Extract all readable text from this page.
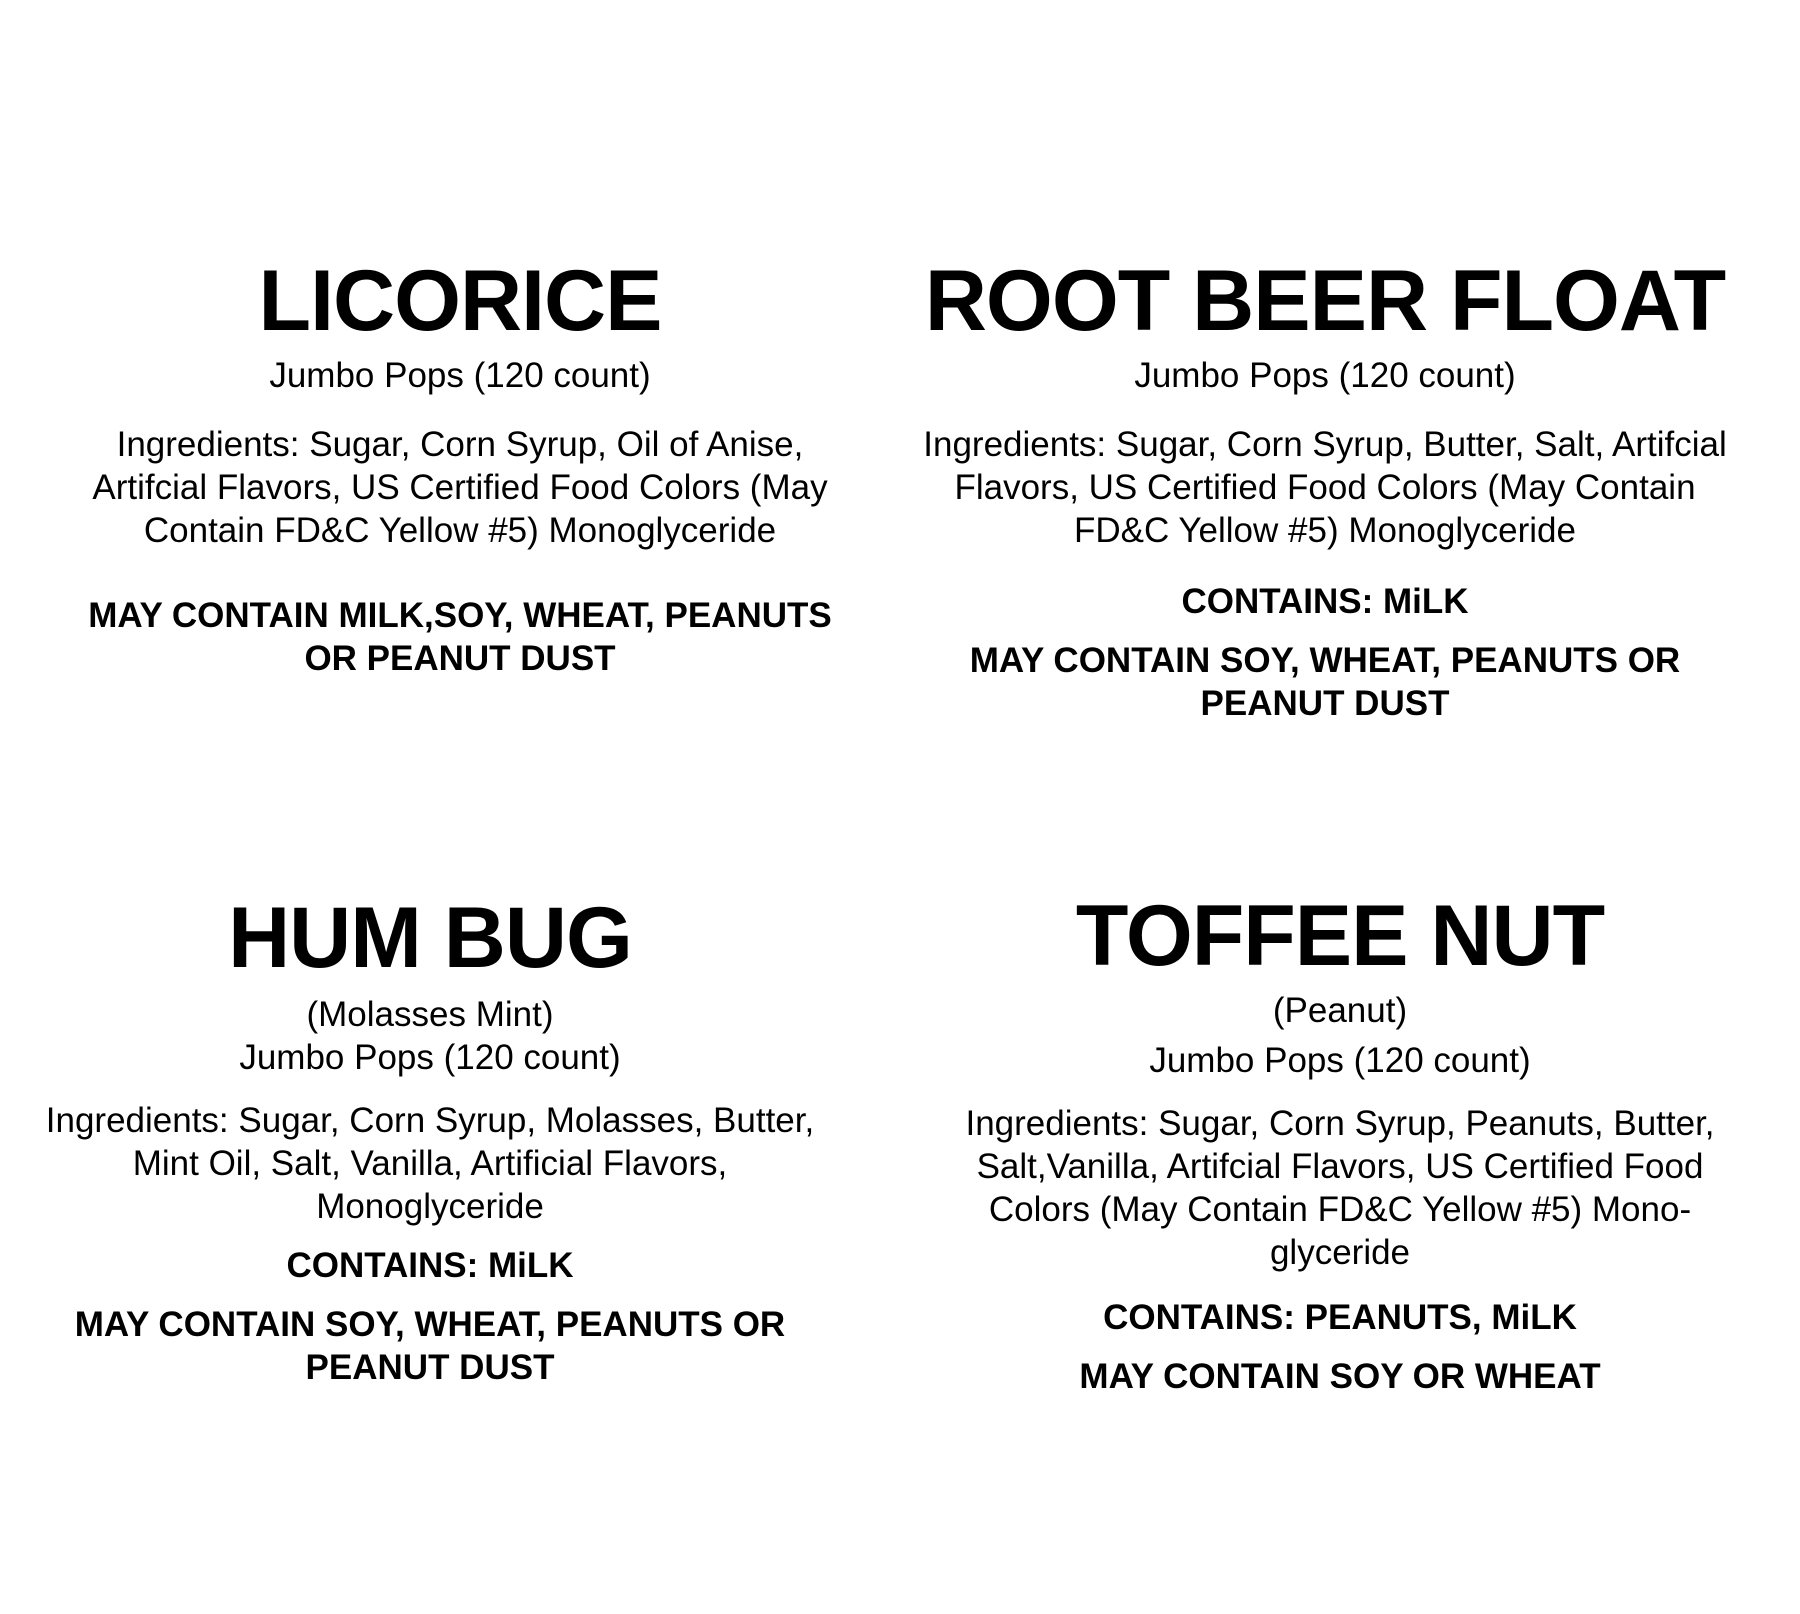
LICORICE

Jumbo Pops (120 count)

Ingredients: Sugar, Corn Syrup, Oil of Anise, Artifcial Flavors, US Certified Food Colors (May Contain FD&C Yellow #5) Monoglyceride

MAY CONTAIN MILK,SOY, WHEAT, PEANUTS OR PEANUT DUST

ROOT BEER FLOAT

Jumbo Pops (120 count)

Ingredients: Sugar, Corn Syrup, Butter, Salt, Artifcial Flavors, US Certified Food Colors (May Contain FD&C Yellow #5) Monoglyceride

CONTAINS: MiLK

MAY CONTAIN SOY, WHEAT, PEANUTS OR PEANUT DUST

HUM BUG

(Molasses Mint)

Jumbo Pops (120 count)

Ingredients: Sugar, Corn Syrup, Molasses, Butter, Mint Oil, Salt, Vanilla, Artificial Flavors, Monoglyceride

CONTAINS: MiLK

MAY CONTAIN SOY, WHEAT, PEANUTS OR PEANUT DUST

TOFFEE NUT

(Peanut)

Jumbo Pops (120 count)

Ingredients: Sugar, Corn Syrup, Peanuts, Butter, Salt,Vanilla, Artifcial Flavors, US Certified Food Colors (May Contain FD&C Yellow #5) Mono-glyceride

CONTAINS: PEANUTS, MiLK

MAY CONTAIN SOY OR WHEAT
